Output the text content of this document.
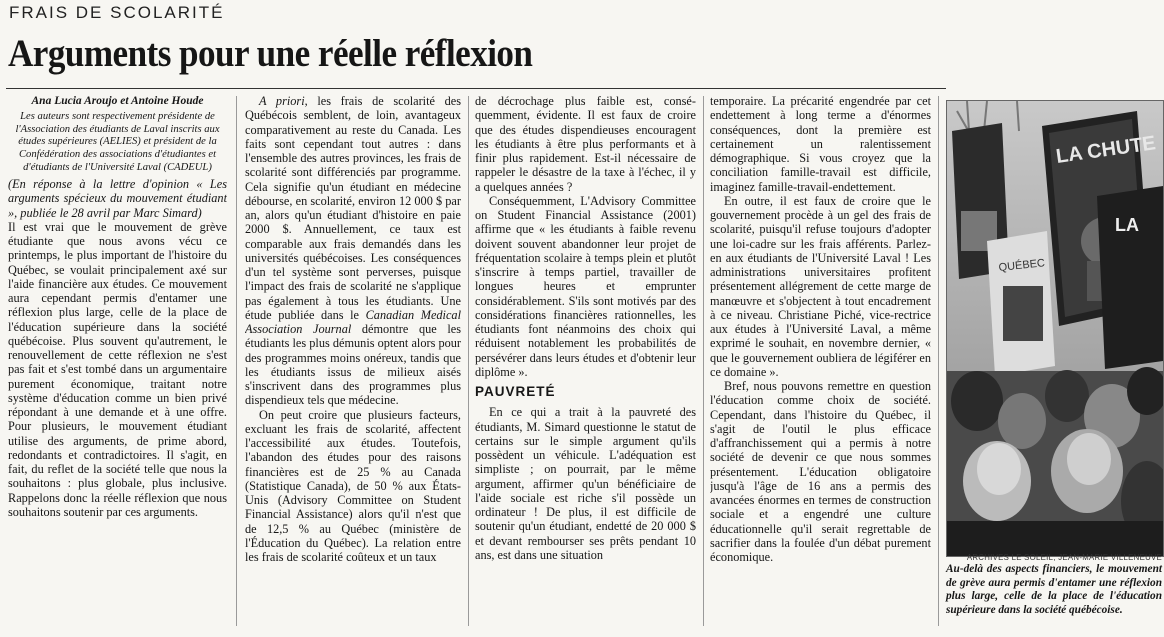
FRAIS DE SCOLARITÉ
Arguments pour une réelle réflexion
Ana Lucia Aroujo et Antoine Houde
Les auteurs sont respectivement présidente de l'Association des étudiants de Laval inscrits aux études supérieures (AELIES) et président de la Confédération des associations d'étudiantes et d'étudiants de l'Université Laval (CADEUL)

(En réponse à la lettre d'opinion « Les arguments spécieux du mouvement étudiant », publiée le 28 avril par Marc Simard)

Il est vrai que le mouvement de grève étudiante que nous avons vécu ce printemps, le plus important de l'histoire du Québec, se voulait principalement axé sur l'aide financière aux études. Ce mouvement aura cependant permis d'entamer une réflexion plus large, celle de la place de l'éducation supérieure dans la société québécoise. Plus souvent qu'autrement, le renouvellement de cette réflexion ne s'est pas fait et s'est tombé dans un argumentaire purement économique, traitant notre système d'éducation comme un bien privé répondant à une demande et à une offre. Pour plusieurs, le mouvement étudiant utilise des arguments, de prime abord, redondants et contradictoires. Il s'agit, en fait, du reflet de la société telle que nous la souhaitons : plus globale, plus inclusive. Rappelons donc la réelle réflexion que nous souhaitons soutenir par ces arguments.

A priori, les frais de scolarité des Québécois semblent, de loin, avantageux comparativement au reste du Canada. Les faits sont cependant tout autres : dans l'ensemble des autres provinces, les frais de scolarité sont différenciés par programme. Cela signifie qu'un étudiant en médecine débourse, en scolarité, environ 12 000 $ par an, alors qu'un étudiant d'histoire en paie 2000 $. Annuellement, ce taux est comparable aux frais demandés dans les universités québécoises. Les conséquences d'un tel système sont perverses, puisque l'impact des frais de scolarité ne s'applique pas également à tous les étudiants. Une étude publiée dans le Canadian Medical Association Journal démontre que les étudiants les plus démunis optent alors pour des programmes moins onéreux, tandis que les étudiants issus de milieux aisés s'inscrivent dans des programmes plus dispendieux tels que médecine.

On peut croire que plusieurs facteurs, excluant les frais de scolarité, affectent l'accessibilité aux études. Toutefois, l'abandon des études pour des raisons financières est de 25 % au Canada (Statistique Canada), de 50 % aux États-Unis (Advisory Committee on Student Financial Assistance) alors qu'il n'est que de 12,5 % au Québec (ministère de l'Éducation du Québec). La relation entre les frais de scolarité coûteux et un taux

de décrochage plus faible est, conséquemment, évidente. Il est faux de croire que des études dispendieuses encouragent les étudiants à être plus performants et à finir plus rapidement. Est-il nécessaire de rappeler le désastre de la taxe à l'échec, il y a quelques années ?

Conséquemment, L'Advisory Committee on Student Financial Assistance (2001) affirme que « les étudiants à faible revenu doivent souvent abandonner leur projet de fréquentation scolaire à temps plein et plutôt s'inscrire à temps partiel, travailler de longues heures et emprunter considérablement. S'ils sont motivés par des considérations financières rationnelles, les étudiants font néanmoins des choix qui réduisent notablement les probabilités de persévérer dans leurs études et d'obtenir leur diplôme ».

PAUVRETÉ

En ce qui a trait à la pauvreté des étudiants, M. Simard questionne le statut de certains sur le simple argument qu'ils possèdent un véhicule. L'adéquation est simpliste ; on pourrait, par le même argument, affirmer qu'un bénéficiaire de l'aide sociale est riche s'il possède un ordinateur ! De plus, il est difficile de soutenir qu'un étudiant, endetté de 20 000 $ et devant rembourser ses prêts pendant 10 ans, est dans une situation

temporaire. La précarité engendrée par cet endettement à long terme a d'énormes conséquences, dont la première est certainement un ralentissement démographique. Si vous croyez que la conciliation famille-travail est difficile, imaginez famille-travail-endettement.

En outre, il est faux de croire que le gouvernement procède à un gel des frais de scolarité, puisqu'il refuse toujours d'adopter une loi-cadre sur les frais afférents. Parlez-en aux étudiants de l'Université Laval ! Les administrations universitaires profitent présentement allégrement de cette marge de manœuvre et s'objectent à tout encadrement à ce niveau. Christiane Piché, vice-rectrice aux études à l'Université Laval, a même exprimé le souhait, en novembre dernier, « que le gouvernement oubliera de légiférer en ce domaine ».

Bref, nous pouvons remettre en question l'éducation comme choix de société. Cependant, dans l'histoire du Québec, il s'agit de l'outil le plus efficace d'affranchissement qui a permis à notre société de devenir ce que nous sommes présentement. L'éducation obligatoire jusqu'à l'âge de 16 ans a permis des avancées énormes en termes de construction sociale et a engendré une culture éducationnelle qu'il serait regrettable de sacrifier dans la foulée d'un débat purement économique.

LA CHUTE
QUÉBEC
LA
ARCHIVES LE SOLEIL, JEAN-MARIE VILLENEUVE

Au-delà des aspects financiers, le mouvement de grève aura permis d'entamer une réflexion plus large, celle de la place de l'éducation supérieure dans la société québécoise.
